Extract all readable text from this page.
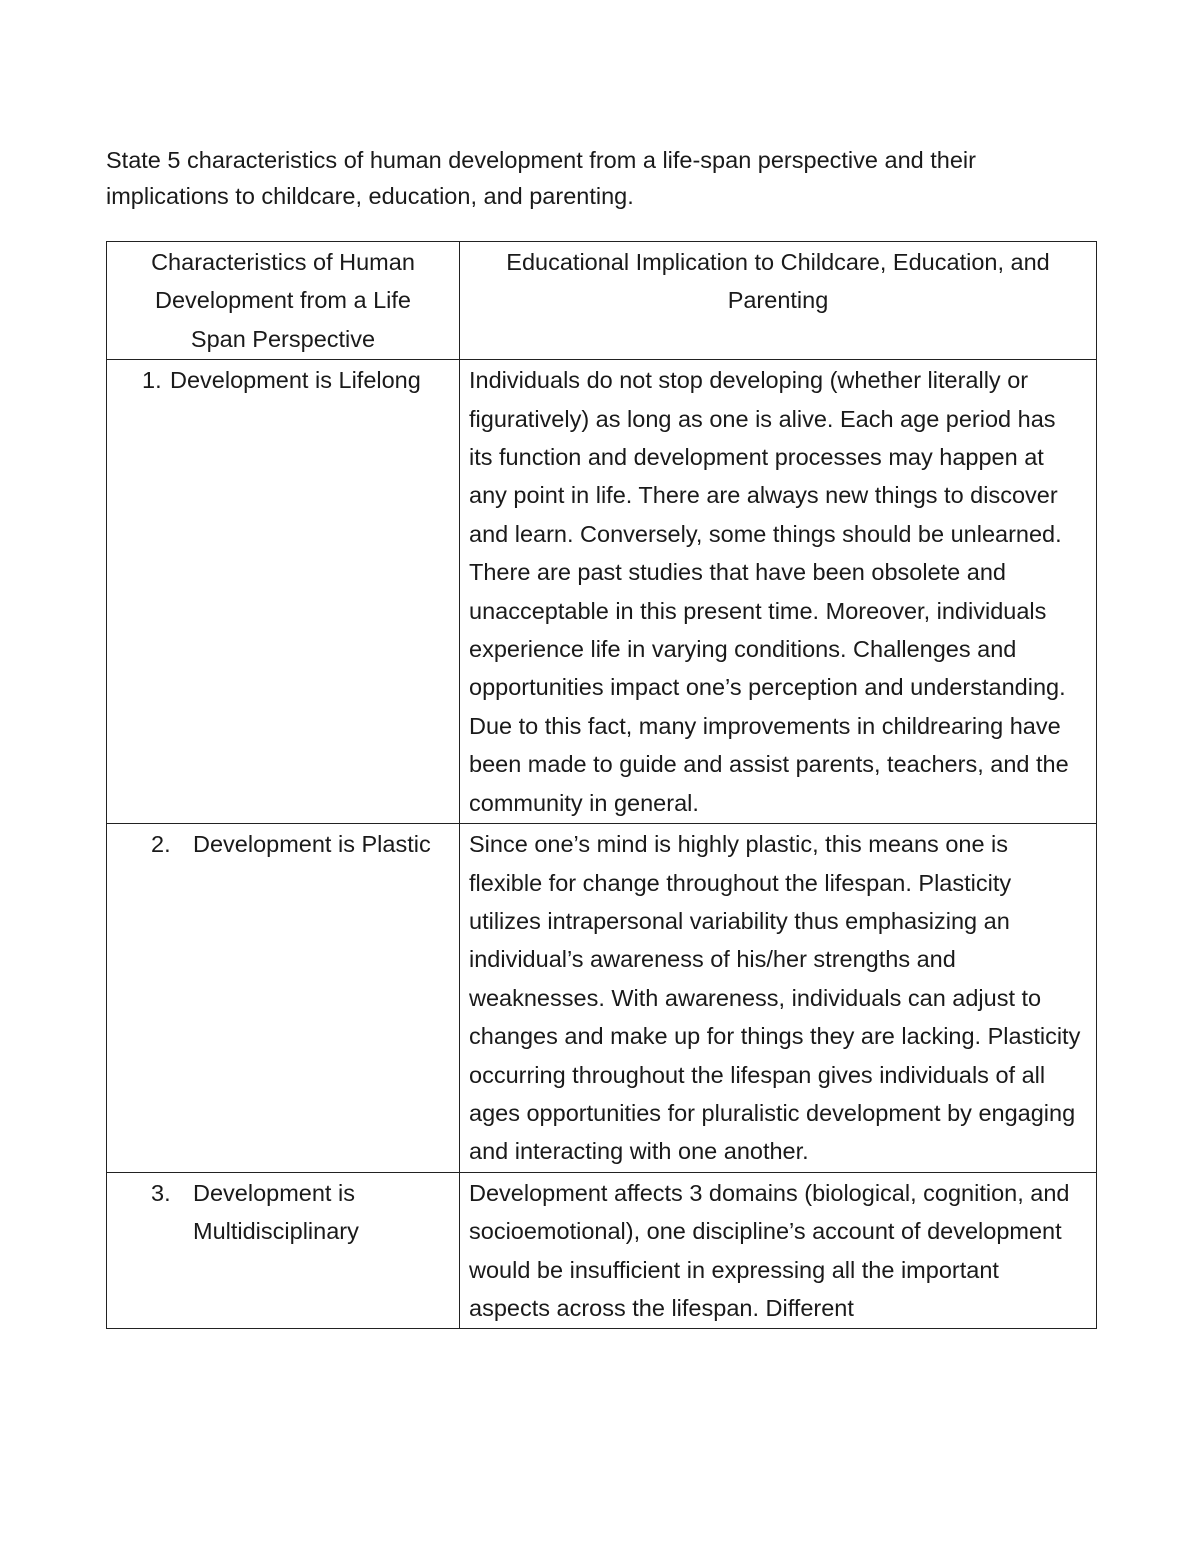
State 5 characteristics of human development from a life-span perspective and their implications to childcare, education, and parenting.

Characteristics of Human Development from a Life Span Perspective	Educational Implication to Childcare, Education, and Parenting

1. Development is Lifelong	Individuals do not stop developing (whether literally or figuratively) as long as one is alive. Each age period has its function and development processes may happen at any point in life. There are always new things to discover and learn. Conversely, some things should be unlearned. There are past studies that have been obsolete and unacceptable in this present time. Moreover, individuals experience life in varying conditions. Challenges and opportunities impact one’s perception and understanding. Due to this fact, many improvements in childrearing have been made to guide and assist parents, teachers, and the community in general.

2. Development is Plastic	Since one’s mind is highly plastic, this means one is flexible for change throughout the lifespan. Plasticity utilizes intrapersonal variability thus emphasizing an individual’s awareness of his/her strengths and weaknesses. With awareness, individuals can adjust to changes and make up for things they are lacking. Plasticity occurring throughout the lifespan gives individuals of all ages opportunities for pluralistic development by engaging and interacting with one another.

3. Development is Multidisciplinary	Development affects 3 domains (biological, cognition, and socioemotional), one discipline’s account of development would be insufficient in expressing all the important aspects across the lifespan. Different
